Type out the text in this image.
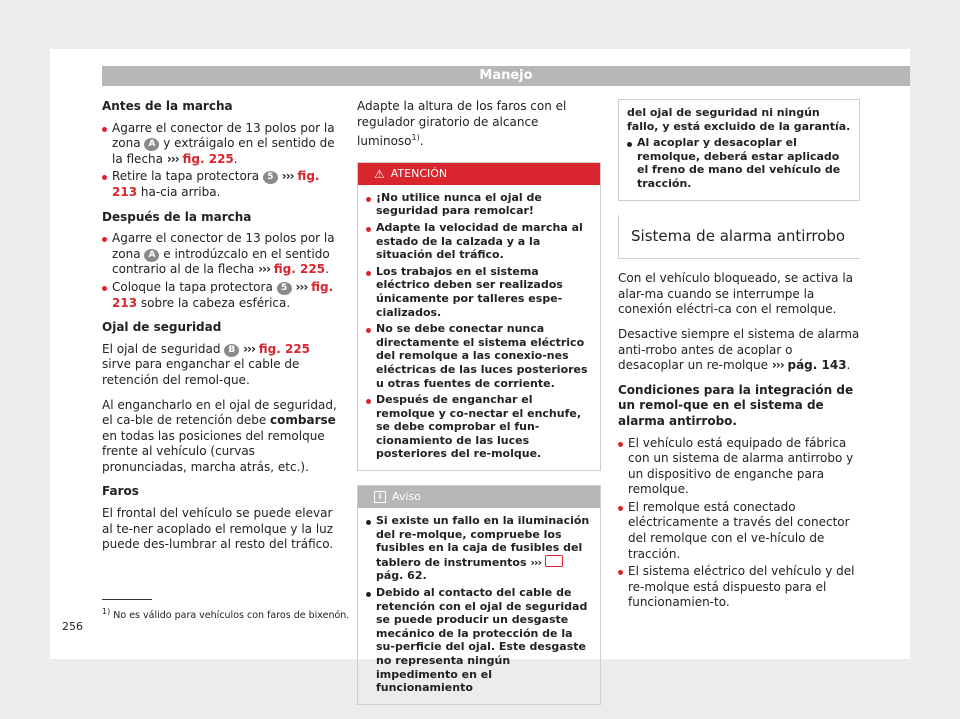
Manejo
Antes de la marcha
Agarre el conector de 13 polos por la zona A y extráigalo en el sentido de la flecha ››› fig. 225.
Retire la tapa protectora 5 ››› fig. 213 ha-cia arriba.
Después de la marcha
Agarre el conector de 13 polos por la zona A e introdúzcalo en el sentido contrario al de la flecha ››› fig. 225.
Coloque la tapa protectora 5 ››› fig. 213 sobre la cabeza esférica.
Ojal de seguridad

El ojal de seguridad B ››› fig. 225 sirve para enganchar el cable de retención del remol-que.

Al engancharlo en el ojal de seguridad, el ca-ble de retención debe combarse en todas las posiciones del remolque frente al vehículo (curvas pronunciadas, marcha atrás, etc.).

Faros

El frontal del vehículo se puede elevar al te-ner acoplado el remolque y la luz puede des-lumbrar al resto del tráfico.

Adapte la altura de los faros con el regulador giratorio de alcance luminoso$^{1)}$.

⚠ ATENCIÓN
¡No utilice nunca el ojal de seguridad para remolcar!
Adapte la velocidad de marcha al estado de la calzada y a la situación del tráfico.
Los trabajos en el sistema eléctrico deben ser realizados únicamente por talleres espe-cializados.
No se debe conectar nunca directamente el sistema eléctrico del remolque a las conexio-nes eléctricas de las luces posteriores u otras fuentes de corriente.
Después de enganchar el remolque y co-nectar el enchufe, se debe comprobar el fun-cionamiento de las luces posteriores del re-molque.
i Aviso
Si existe un fallo en la iluminación del re-molque, compruebe los fusibles en la caja de fusibles del tablero de instrumentos ›››  pág. 62.
Debido al contacto del cable de retención con el ojal de seguridad se puede producir un desgaste mecánico de la protección de la su-perficie del ojal. Este desgaste no representa ningún impedimento en el funcionamiento
del ojal de seguridad ni ningún fallo, y está excluido de la garantía.
Al acoplar y desacoplar el remolque, deberá estar aplicado el freno de mano del vehículo de tracción.
Sistema de alarma antirrobo

Con el vehículo bloqueado, se activa la alar-ma cuando se interrumpe la conexión eléctri-ca con el remolque.

Desactive siempre el sistema de alarma anti-rrobo antes de acoplar o desacoplar un re-molque ››› pág. 143.

Condiciones para la integración de un remol-que en el sistema de alarma antirrobo.
El vehículo está equipado de fábrica con un sistema de alarma antirrobo y un dispositivo de enganche para remolque.
El remolque está conectado eléctricamente a través del conector del remolque con el ve-hículo de tracción.
El sistema eléctrico del vehículo y del re-molque está dispuesto para el funcionamien-to.
$^{1)}$ No es válido para vehículos con faros de bixenón.
256
